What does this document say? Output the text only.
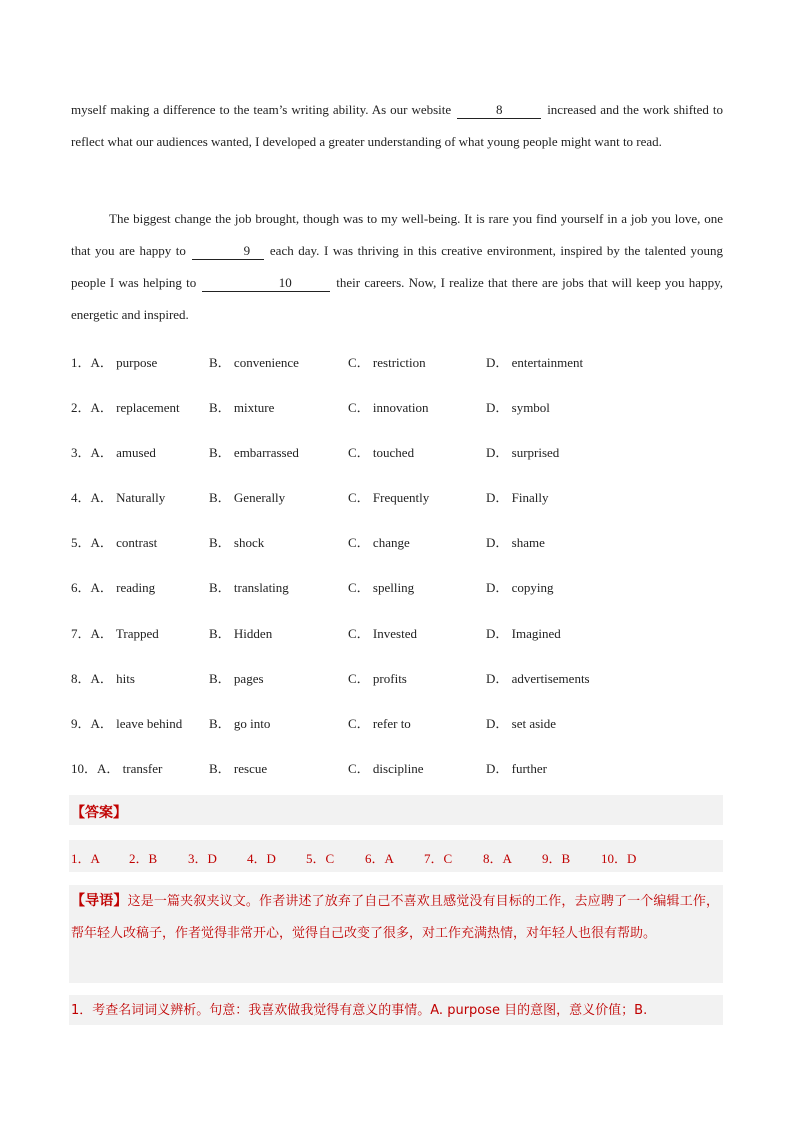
myself making a difference to the team’s writing ability. As our website	8	increased and the work shifted to reflect what our audiences wanted, I developed a greater understanding of what young people might want to read.

The biggest change the job brought, though was to my well-being. It is rare you find yourself in a job you love, one that you are happy to	9 each day. I was thriving in this creative environment, inspired by the talented young people I was helping to	10	their careers. Now, I realize that there are jobs that will keep you happy, energetic and inspired.

1．A． purpose	B． convenience	C． restriction	D． entertainment
2．A． replacement B． mixture	C． innovation	D． symbol
3．A． amused	B． embarrassed	C． touched	D． surprised
4．A． Naturally	B． Generally	C． Frequently	D． Finally
5．A． contrast	B． shock	C． change	D． shame
6．A． reading	B． translating	C． spelling	D． copying
7．A． Trapped	B． Hidden	C． Invested	D． Imagined
8．A． hits	B． pages	C． profits	D． advertisements
9．A． leave behind B． go into	C． refer to	D． set aside
10．A． transfer	B． rescue	C． discipline	D． further
【答案】
1．A 2．B 3．D 4．D 5．C 6．A 7．C 8．A 9．B 10．D
【导语】这是一篇夹叙夹议文。作者讲述了放弃了自己不喜欢且感觉没有目标的工作，去应聘了一个编辑工作，帮年轻人改稿子，作者觉得非常开心，觉得自己改变了很多，对工作充满热情，对年轻人也很有帮助。
1．考查名词词义辨析。句意：我喜欢做我觉得有意义的事情。A. purpose 目的意图，意义价值；B.
